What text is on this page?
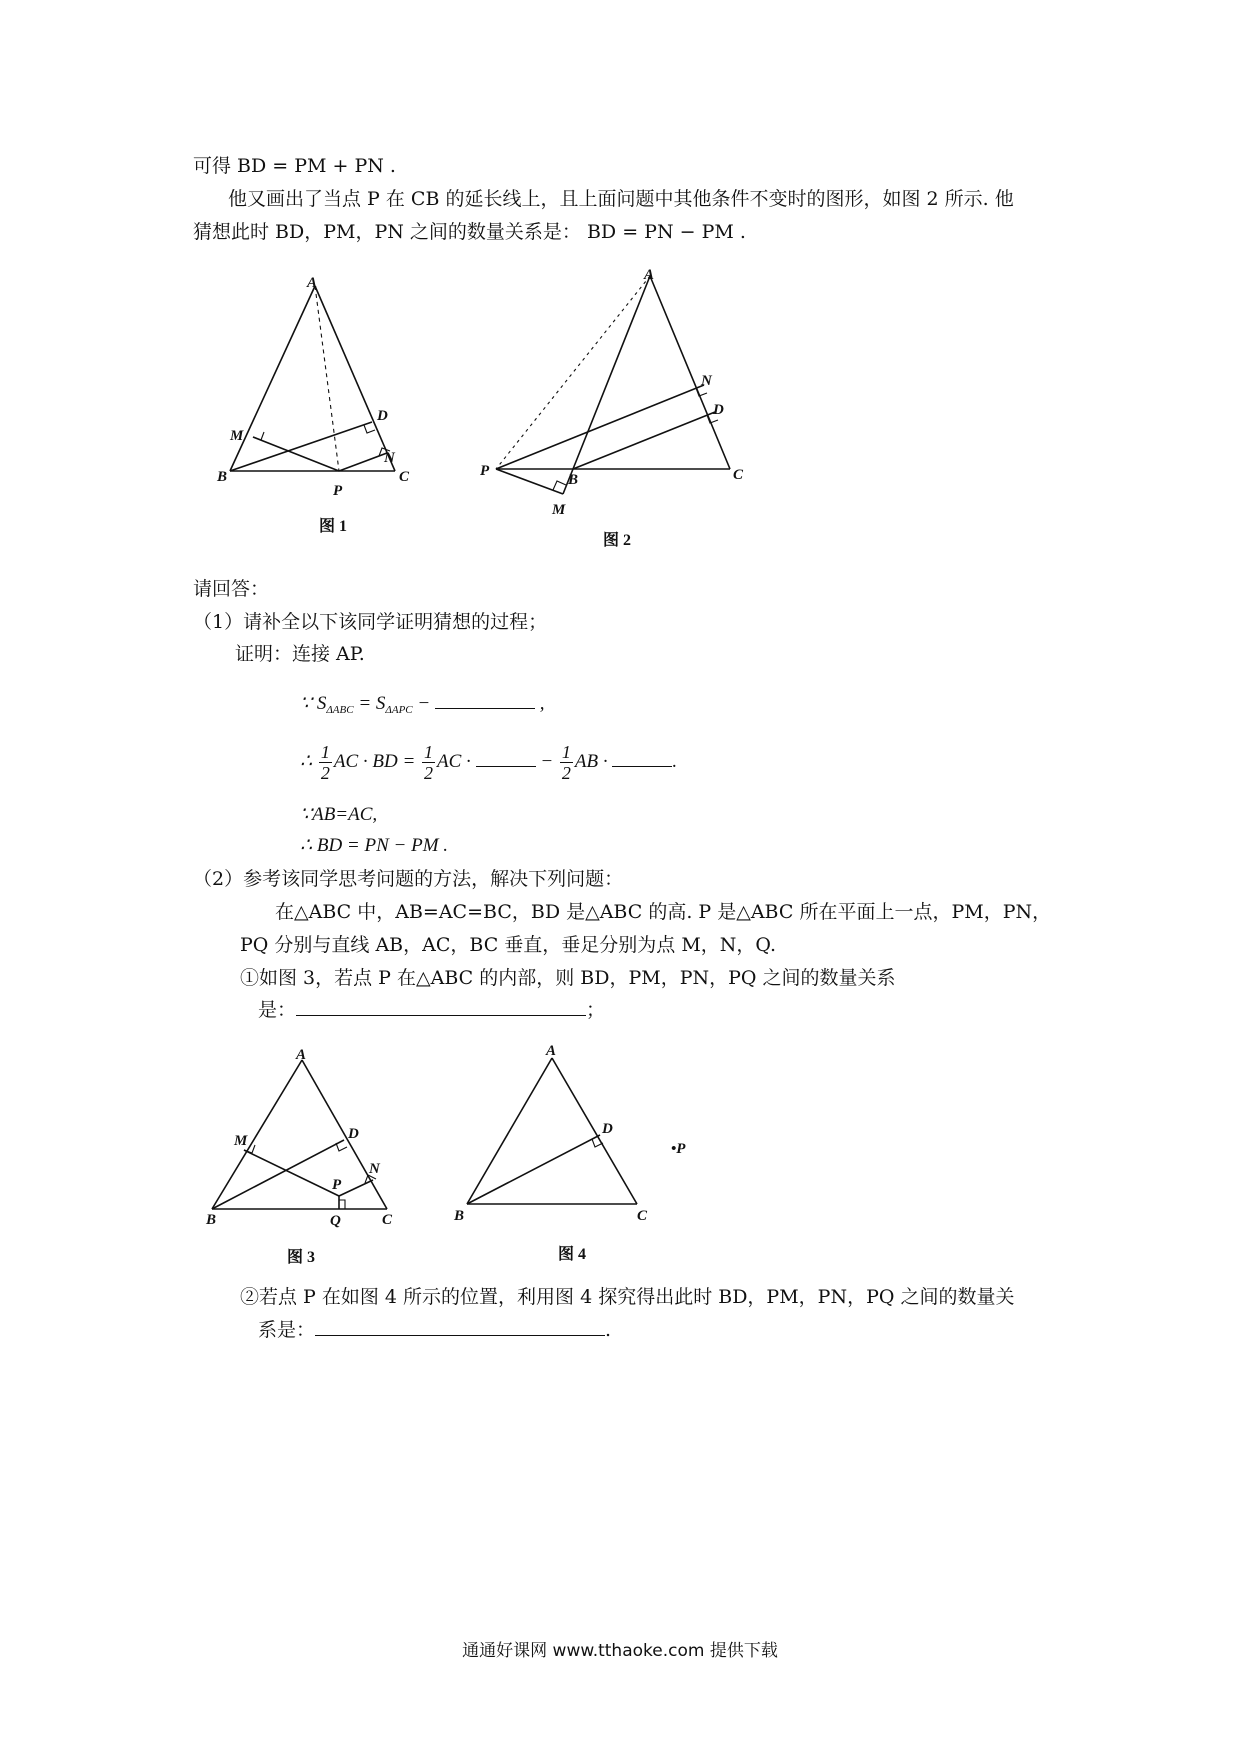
可得 BD = PM + PN .
他又画出了当点 P 在 CB 的延长线上，且上面问题中其他条件不变时的图形，如图 2 所示. 他
猜想此时 BD，PM，PN 之间的数量关系是： BD = PN − PM .
A
B	C
D
M
N
P
图 1
A
B	C
D
M
N
P
图 2
请回答：
（1）请补全以下该同学证明猜想的过程；
证明：连接 AP.
∵ $S_{\Delta ABC} = S_{\Delta APC}$ −	,
∴ $\frac{1}{2}$ AC · BD = $\frac{1}{2}$ AC ·	− $\frac{1}{2}$ AB ·	.
∵AB=AC,
∴ BD = PN − PM .
（2）参考该同学思考问题的方法，解决下列问题：
在△ABC 中，AB=AC=BC，BD 是△ABC 的高. P 是△ABC 所在平面上一点，PM，PN，
PQ 分别与直线 AB，AC，BC 垂直，垂足分别为点 M，N，Q.
①如图 3，若点 P 在△ABC 的内部，则 BD，PM，PN，PQ 之间的数量关系
是：	；
A
B	C
D
M
N
P
Q
图 3
A
B	C
D
•P
图 4
②若点 P 在如图 4 所示的位置，利用图 4 探究得出此时 BD，PM，PN，PQ 之间的数量关
系是：	.
通通好课网 www.tthaoke.com 提供下载
